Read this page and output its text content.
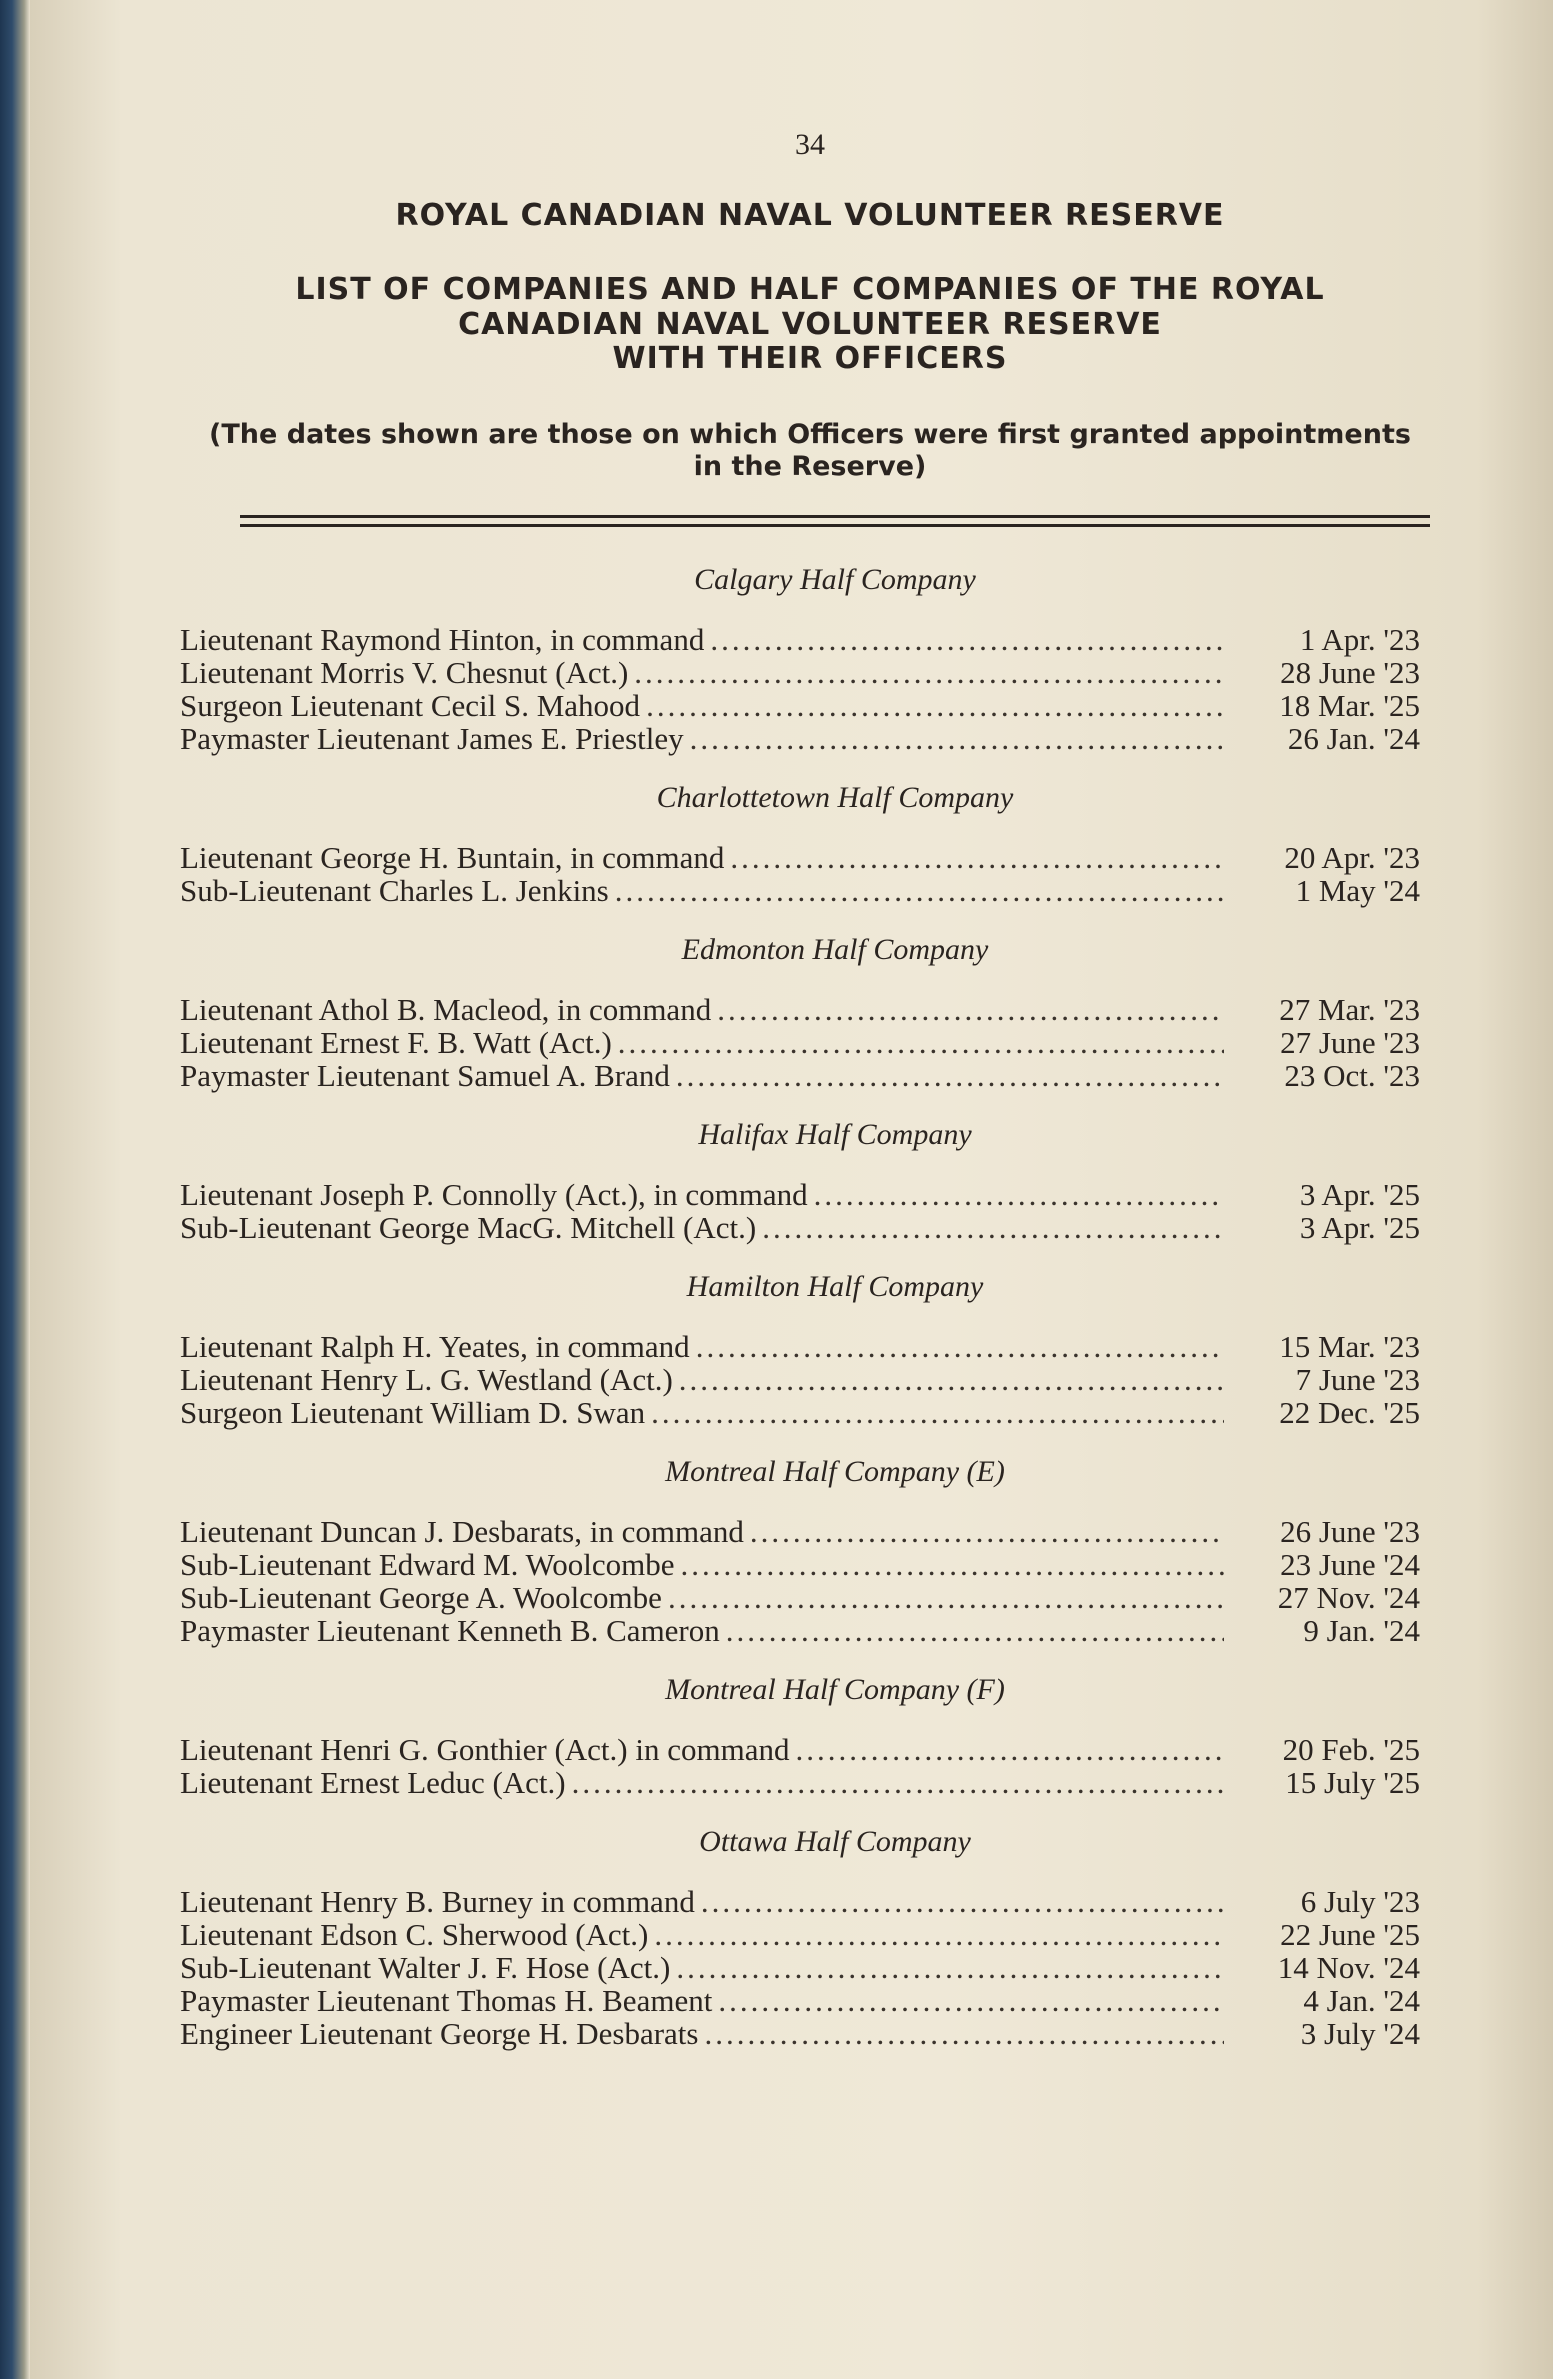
34
ROYAL CANADIAN NAVAL VOLUNTEER RESERVE
LIST OF COMPANIES AND HALF COMPANIES OF THE ROYAL
CANADIAN NAVAL VOLUNTEER RESERVE
WITH THEIR OFFICERS
(The dates shown are those on which Officers were first granted appointments
in the Reserve)
Calgary Half Company
Lieutenant Raymond Hinton, in command .....	1 Apr. '23
Lieutenant Morris V. Chesnut (Act.) .....	28 June '23
Surgeon Lieutenant Cecil S. Mahood .....	18 Mar. '25
Paymaster Lieutenant James E. Priestley .....	26 Jan. '24
Charlottetown Half Company
Lieutenant George H. Buntain, in command .....	20 Apr. '23
Sub-Lieutenant Charles L. Jenkins .....	1 May '24
Edmonton Half Company
Lieutenant Athol B. Macleod, in command .....	27 Mar. '23
Lieutenant Ernest F. B. Watt (Act.) .....	27 June '23
Paymaster Lieutenant Samuel A. Brand .....	23 Oct. '23
Halifax Half Company
Lieutenant Joseph P. Connolly (Act.), in command .....	3 Apr. '25
Sub-Lieutenant George MacG. Mitchell (Act.) .....	3 Apr. '25
Hamilton Half Company
Lieutenant Ralph H. Yeates, in command .....	15 Mar. '23
Lieutenant Henry L. G. Westland (Act.) .....	7 June '23
Surgeon Lieutenant William D. Swan .....	22 Dec. '25
Montreal Half Company (E)
Lieutenant Duncan J. Desbarats, in command .....	26 June '23
Sub-Lieutenant Edward M. Woolcombe .....	23 June '24
Sub-Lieutenant George A. Woolcombe .....	27 Nov. '24
Paymaster Lieutenant Kenneth B. Cameron .....	9 Jan. '24
Montreal Half Company (F)
Lieutenant Henri G. Gonthier (Act.) in command .....	20 Feb. '25
Lieutenant Ernest Leduc (Act.) .....	15 July '25
Ottawa Half Company
Lieutenant Henry B. Burney in command .....	6 July '23
Lieutenant Edson C. Sherwood (Act.) .....	22 June '25
Sub-Lieutenant Walter J. F. Hose (Act.) .....	14 Nov. '24
Paymaster Lieutenant Thomas H. Beament .....	4 Jan. '24
Engineer Lieutenant George H. Desbarats .....	3 July '24
